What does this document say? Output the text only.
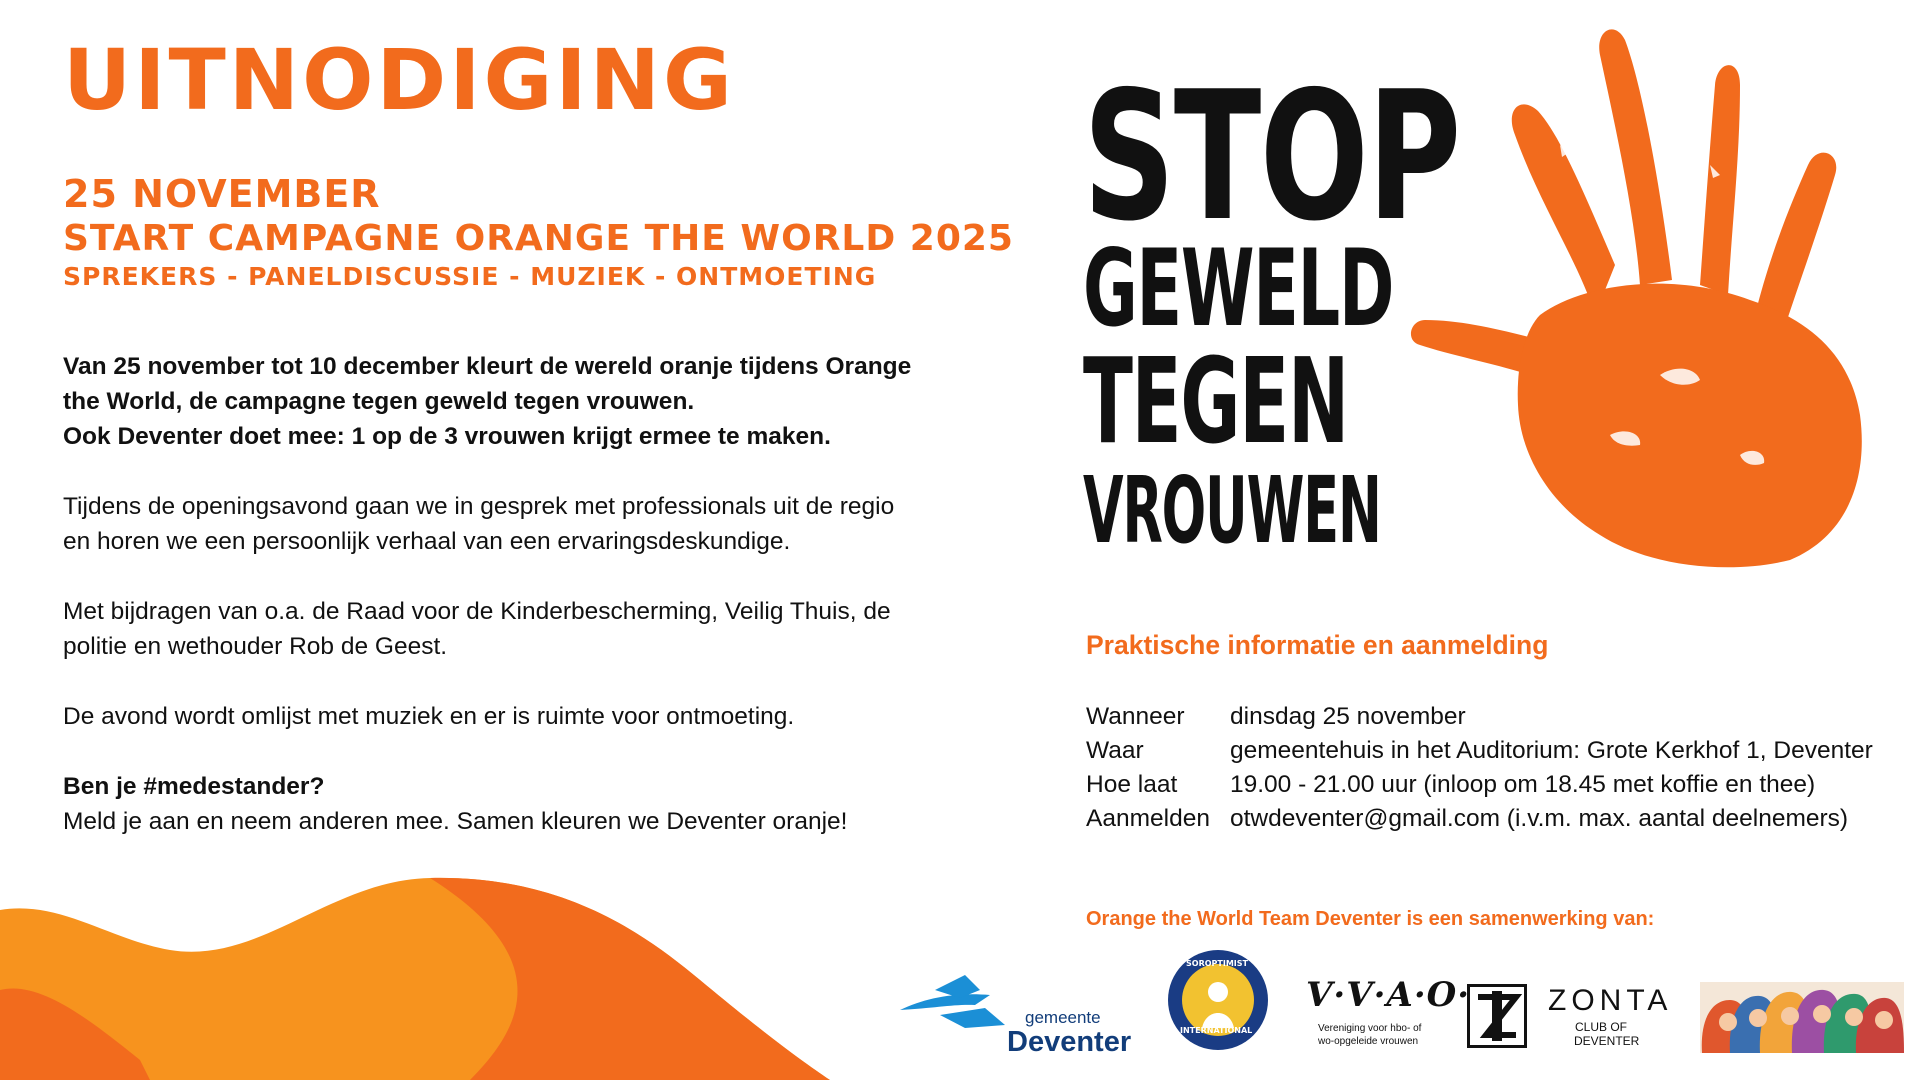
UITNODIGING
25 NOVEMBER
START CAMPAGNE ORANGE THE WORLD 2025
SPREKERS - PANELDISCUSSIE - MUZIEK - ONTMOETING
Van 25 november tot 10 december kleurt de wereld oranje tijdens Orange
the World, de campagne tegen geweld tegen vrouwen.
Ook Deventer doet mee: 1 op de 3 vrouwen krijgt ermee te maken.
Tijdens de openingsavond gaan we in gesprek met professionals uit de regio
en horen we een persoonlijk verhaal van een ervaringsdeskundige.
Met bijdragen van o.a. de Raad voor de Kinderbescherming, Veilig Thuis, de
politie en wethouder Rob de Geest.
De avond wordt omlijst met muziek en er is ruimte voor ontmoeting.
Ben je #medestander?
Meld je aan en neem anderen mee. Samen kleuren we Deventer oranje!
STOP
GEWELD
TEGEN
VROUWEN
Praktische informatie en aanmelding
Wanneer	dinsdag 25 november
Waar	gemeentehuis in het Auditorium: Grote Kerkhof 1, Deventer
Hoe laat	19.00 - 21.00 uur (inloop om 18.45 met koffie en thee)
Aanmelden otwdeventer@gmail.com (i.v.m. max. aantal deelnemers)
Orange the World Team Deventer is een samenwerking van:
gemeente
Deventer
SOROPTIMIST
INTERNATIONAL
V·V·A·O·
Vereniging voor hbo- of
wo-opgeleide vrouwen
ZONTA
CLUB OF
DEVENTER
